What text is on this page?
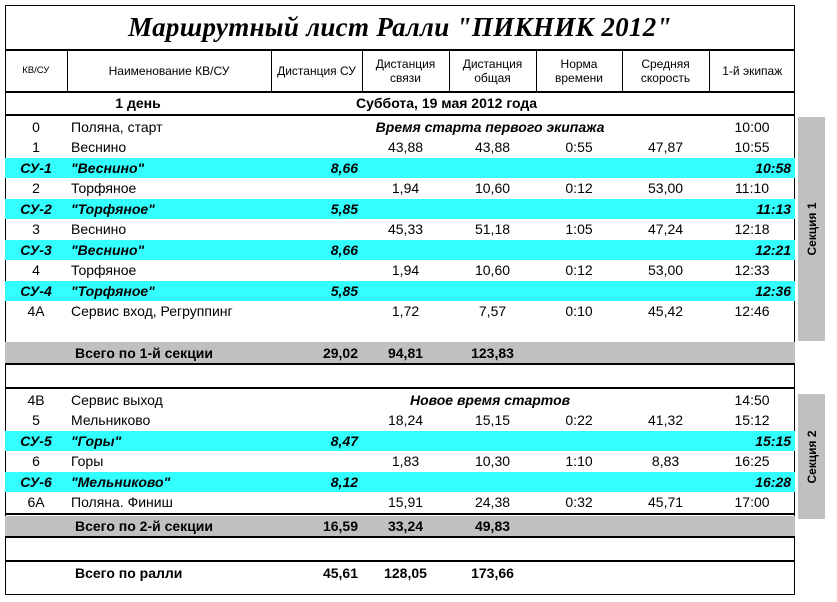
Маршрутный лист Ралли "ПИКНИК 2012"
КВ/СУ	Наименование КВ/СУ	Дистанция СУ	Дистанция связи	Дистанция общая	Норма времени	Средняя скорость	1-й экипаж
1 день		Суббота, 19 мая 2012 года					

0	Поляна, старт	Время старта первого экипажа					10:00
1	Веснино		43,88	43,88	0:55	47,87	10:55
СУ-1	"Веснино"	8,66					10:58
2	Торфяное		1,94	10,60	0:12	53,00	11:10
СУ-2	"Торфяное"	5,85					11:13
3	Веснино		45,33	51,18	1:05	47,24	12:18
СУ-3	"Веснино"	8,66					12:21
4	Торфяное		1,94	10,60	0:12	53,00	12:33
СУ-4	"Торфяное"	5,85					12:36
4А	Сервис вход, Регруппинг		1,72	7,57	0:10	45,42	12:46

Всего по 1-й секции		29,02	94,81	123,83			

4В	Сервис выход	Новое время стартов					14:50
5	Мельниково		18,24	15,15	0:22	41,32	15:12
СУ-5	"Горы"	8,47					15:15
6	Горы		1,83	10,30	1:10	8,83	16:25
СУ-6	"Мельниково"	8,12					16:28
6А	Поляна. Финиш		15,91	24,38	0:32	45,71	17:00

Всего по 2-й секции		16,59	33,24	49,83			

Всего по ралли		45,61	128,05	173,66			
Секция 1
Секция 2
